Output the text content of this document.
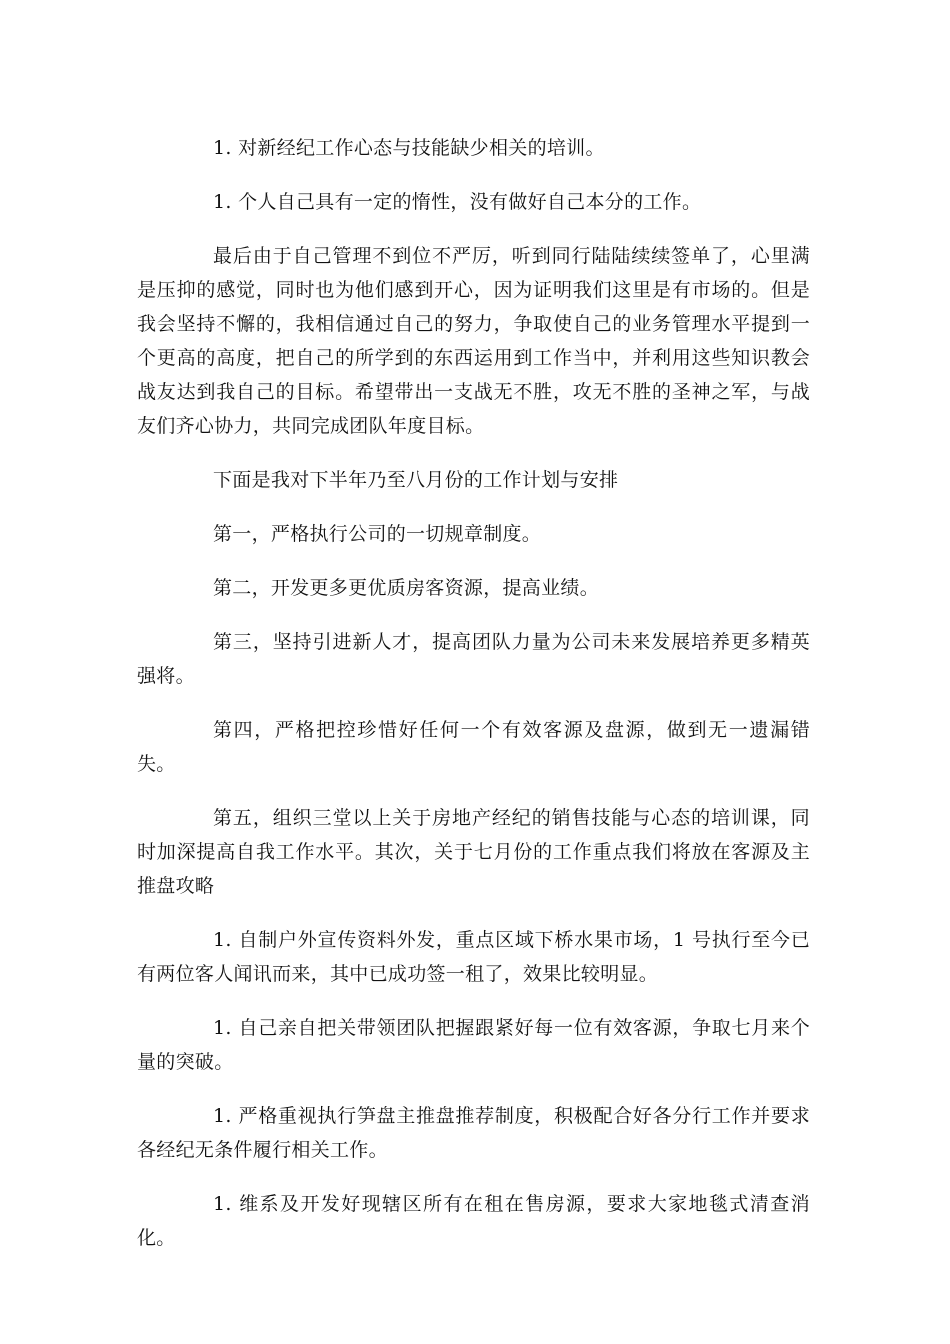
1. 对新经纪工作心态与技能缺少相关的培训。

1. 个人自己具有一定的惰性，没有做好自己本分的工作。

最后由于自己管理不到位不严厉，听到同行陆陆续续签单了，心里满是压抑的感觉，同时也为他们感到开心，因为证明我们这里是有市场的。但是我会坚持不懈的，我相信通过自己的努力，争取使自己的业务管理水平提到一个更高的高度，把自己的所学到的东西运用到工作当中，并利用这些知识教会战友达到我自己的目标。希望带出一支战无不胜，攻无不胜的圣神之军，与战友们齐心协力，共同完成团队年度目标。

下面是我对下半年乃至八月份的工作计划与安排

第一，严格执行公司的一切规章制度。

第二，开发更多更优质房客资源，提高业绩。

第三，坚持引进新人才，提高团队力量为公司未来发展培养更多精英强将。

第四，严格把控珍惜好任何一个有效客源及盘源，做到无一遗漏错失。

第五，组织三堂以上关于房地产经纪的销售技能与心态的培训课，同时加深提高自我工作水平。其次，关于七月份的工作重点我们将放在客源及主推盘攻略

1. 自制户外宣传资料外发，重点区域下桥水果市场，1 号执行至今已有两位客人闻讯而来，其中已成功签一租了，效果比较明显。

1. 自己亲自把关带领团队把握跟紧好每一位有效客源，争取七月来个量的突破。

1. 严格重视执行笋盘主推盘推荐制度，积极配合好各分行工作并要求各经纪无条件履行相关工作。

1. 维系及开发好现辖区所有在租在售房源，要求大家地毯式清查消化。
